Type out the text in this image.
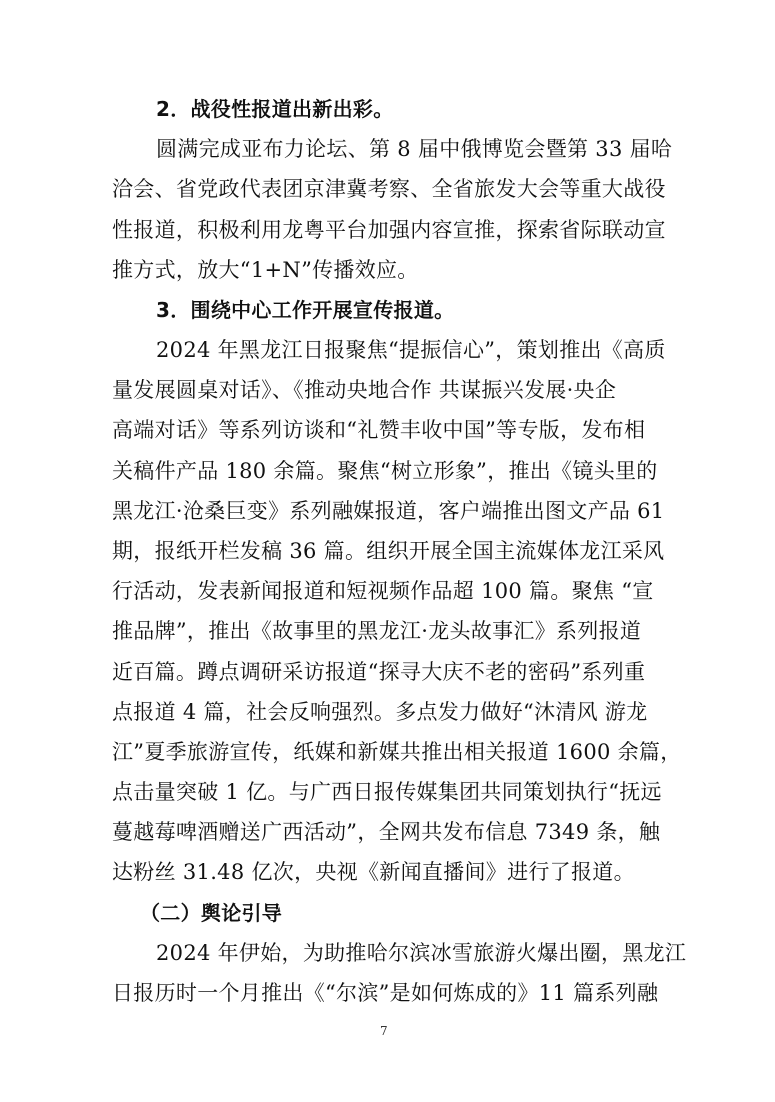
2．战役性报道出新出彩。
圆满完成亚布力论坛、第 8 届中俄博览会暨第 33 届哈
洽会、省党政代表团京津冀考察、全省旅发大会等重大战役
性报道，积极利用龙粤平台加强内容宣推，探索省际联动宣
推方式，放大“1+N”传播效应。
3．围绕中心工作开展宣传报道。
2024 年黑龙江日报聚焦“提振信心”，策划推出《高质
量发展圆桌对话》、《推动央地合作 共谋振兴发展·央企
高端对话》等系列访谈和“礼赞丰收中国”等专版，发布相
关稿件产品 180 余篇。聚焦“树立形象”，推出《镜头里的
黑龙江·沧桑巨变》系列融媒报道，客户端推出图文产品 61
期，报纸开栏发稿 36 篇。组织开展全国主流媒体龙江采风
行活动，发表新闻报道和短视频作品超 100 篇。聚焦 “宣
推品牌”，推出《故事里的黑龙江·龙头故事汇》系列报道
近百篇。蹲点调研采访报道“探寻大庆不老的密码”系列重
点报道 4 篇，社会反响强烈。多点发力做好“沐清风 游龙
江”夏季旅游宣传，纸媒和新媒共推出相关报道 1600 余篇，
点击量突破 1 亿。与广西日报传媒集团共同策划执行“抚远
蔓越莓啤酒赠送广西活动”，全网共发布信息 7349 条，触
达粉丝 31.48 亿次，央视《新闻直播间》进行了报道。
（二）舆论引导
2024 年伊始，为助推哈尔滨冰雪旅游火爆出圈，黑龙江
日报历时一个月推出《“尔滨”是如何炼成的》11 篇系列融
7
